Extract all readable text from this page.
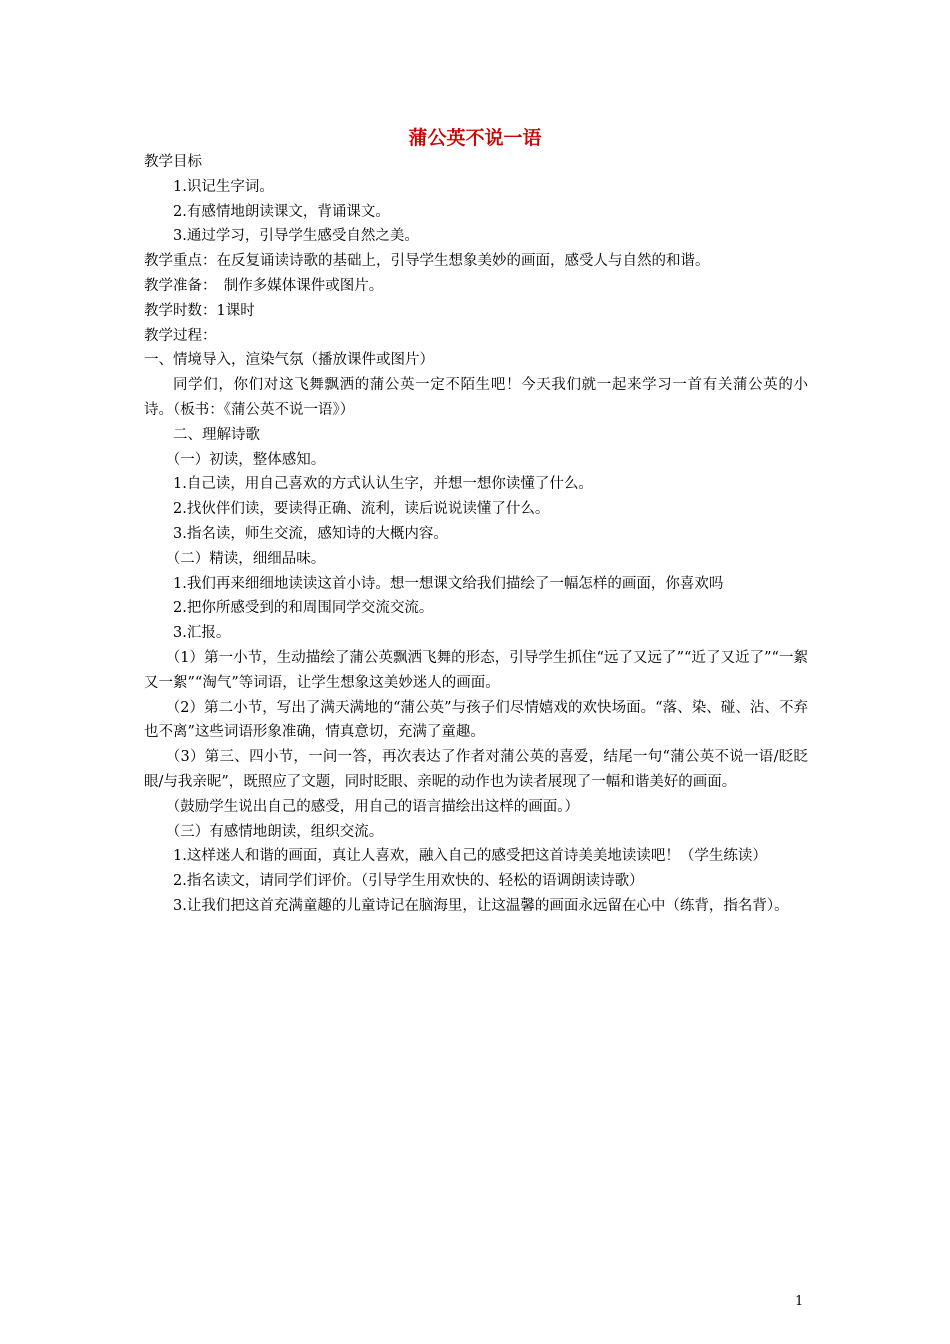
蒲公英不说一语

教学目标

1.识记生字词。

2.有感情地朗读课文，背诵课文。

3.通过学习，引导学生感受自然之美。

教学重点：在反复诵读诗歌的基础上，引导学生想象美妙的画面，感受人与自然的和谐。

教学准备：　制作多媒体课件或图片。

教学时数：1课时

教学过程：

一、情境导入，渲染气氛（播放课件或图片）

同学们，你们对这飞舞飘洒的蒲公英一定不陌生吧！今天我们就一起来学习一首有关蒲公英的小诗。（板书：《蒲公英不说一语》）

二、理解诗歌

（一）初读，整体感知。

1.自己读，用自己喜欢的方式认认生字，并想一想你读懂了什么。

2.找伙伴们读，要读得正确、流利，读后说说读懂了什么。

3.指名读，师生交流，感知诗的大概内容。

（二）精读，细细品味。

1.我们再来细细地读读这首小诗。想一想课文给我们描绘了一幅怎样的画面，你喜欢吗

2.把你所感受到的和周围同学交流交流。

3.汇报。

（1）第一小节，生动描绘了蒲公英飘洒飞舞的形态，引导学生抓住“远了又远了”“近了又近了”“一絮又一絮”“淘气”等词语，让学生想象这美妙迷人的画面。

（2）第二小节，写出了满天满地的“蒲公英”与孩子们尽情嬉戏的欢快场面。“落、染、碰、沾、不弃也不离”这些词语形象准确，情真意切，充满了童趣。

（3）第三、四小节，一问一答，再次表达了作者对蒲公英的喜爱，结尾一句“蒲公英不说一语/眨眨眼/与我亲昵”，既照应了文题，同时眨眼、亲昵的动作也为读者展现了一幅和谐美好的画面。

（鼓励学生说出自己的感受，用自己的语言描绘出这样的画面。）

（三）有感情地朗读，组织交流。

1.这样迷人和谐的画面，真让人喜欢，融入自己的感受把这首诗美美地读读吧！（学生练读）

2.指名读文，请同学们评价。（引导学生用欢快的、轻松的语调朗读诗歌）

3.让我们把这首充满童趣的儿童诗记在脑海里，让这温馨的画面永远留在心中（练背，指名背）。

1
